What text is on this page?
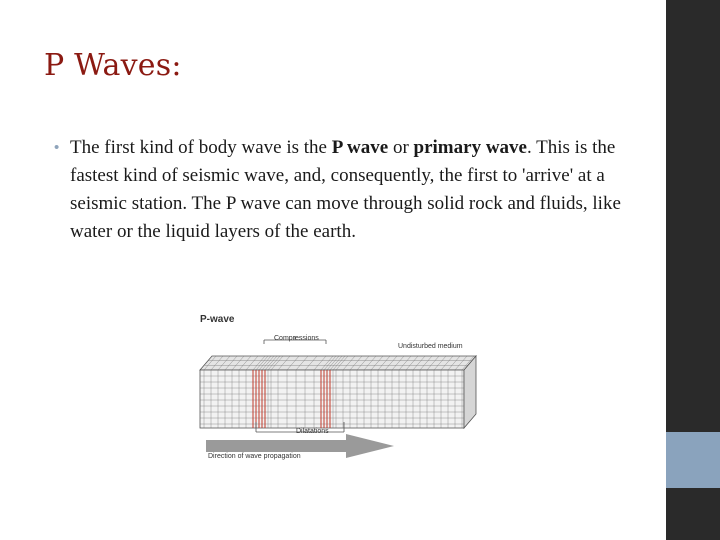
P Waves:
• The first kind of body wave is the P wave or primary wave. This is the fastest kind of seismic wave, and, consequently, the first to 'arrive' at a seismic station. The P wave can move through solid rock and fluids, like water or the liquid layers of the earth.
P-wave
Compressions
Undisturbed medium
Dilatations
Direction of wave propagation
